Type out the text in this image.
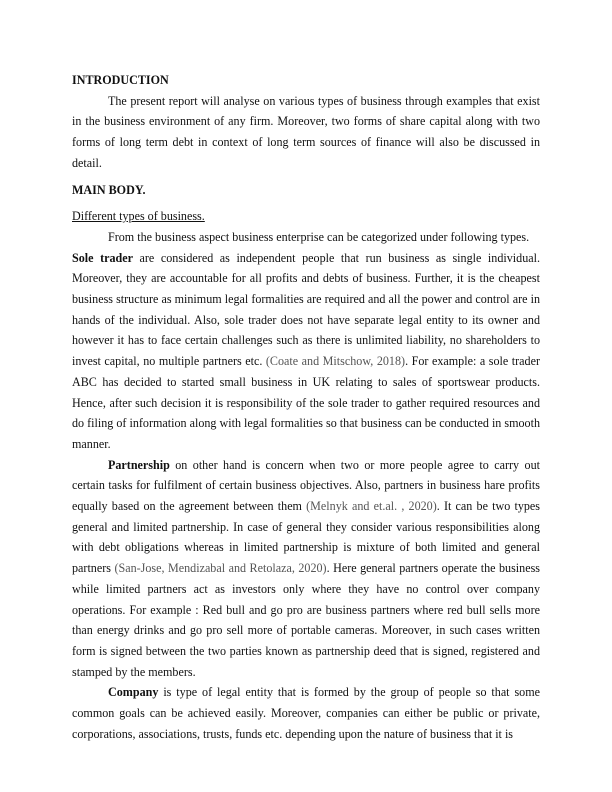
INTRODUCTION

The present report will analyse on various types of business through examples that exist in the business environment of any firm. Moreover, two forms of share capital along with two forms of long term debt in context of long term sources of finance will also be discussed in detail.

MAIN BODY.

Different types of business.

From the business aspect business enterprise can be categorized under following types.

Sole trader are considered as independent people that run business as single individual. Moreover, they are accountable for all profits and debts of business. Further, it is the cheapest business structure as minimum legal formalities are required and all the power and control are in hands of the individual. Also, sole trader does not have separate legal entity to its owner and however it has to face certain challenges such as there is unlimited liability, no shareholders to invest capital, no multiple partners etc. (Coate and Mitschow, 2018). For example: a sole trader ABC has decided to started small business in UK relating to sales of sportswear products. Hence, after such decision it is responsibility of the sole trader to gather required resources and do filing of information along with legal formalities so that business can be conducted in smooth manner.

Partnership on other hand is concern when two or more people agree to carry out certain tasks for fulfilment of certain business objectives. Also, partners in business hare profits equally based on the agreement between them (Melnyk and et.al. , 2020). It can be two types general and limited partnership. In case of general they consider various responsibilities along with debt obligations whereas in limited partnership is mixture of both limited and general partners (San-Jose, Mendizabal and Retolaza, 2020). Here general partners operate the business while limited partners act as investors only where they have no control over company operations. For example : Red bull and go pro are business partners where red bull sells more than energy drinks and go pro sell more of portable cameras. Moreover, in such cases written form is signed between the two parties known as partnership deed that is signed, registered and stamped by the members.

Company is type of legal entity that is formed by the group of people so that some common goals can be achieved easily. Moreover, companies can either be public or private, corporations, associations, trusts, funds etc. depending upon the nature of business that it is
